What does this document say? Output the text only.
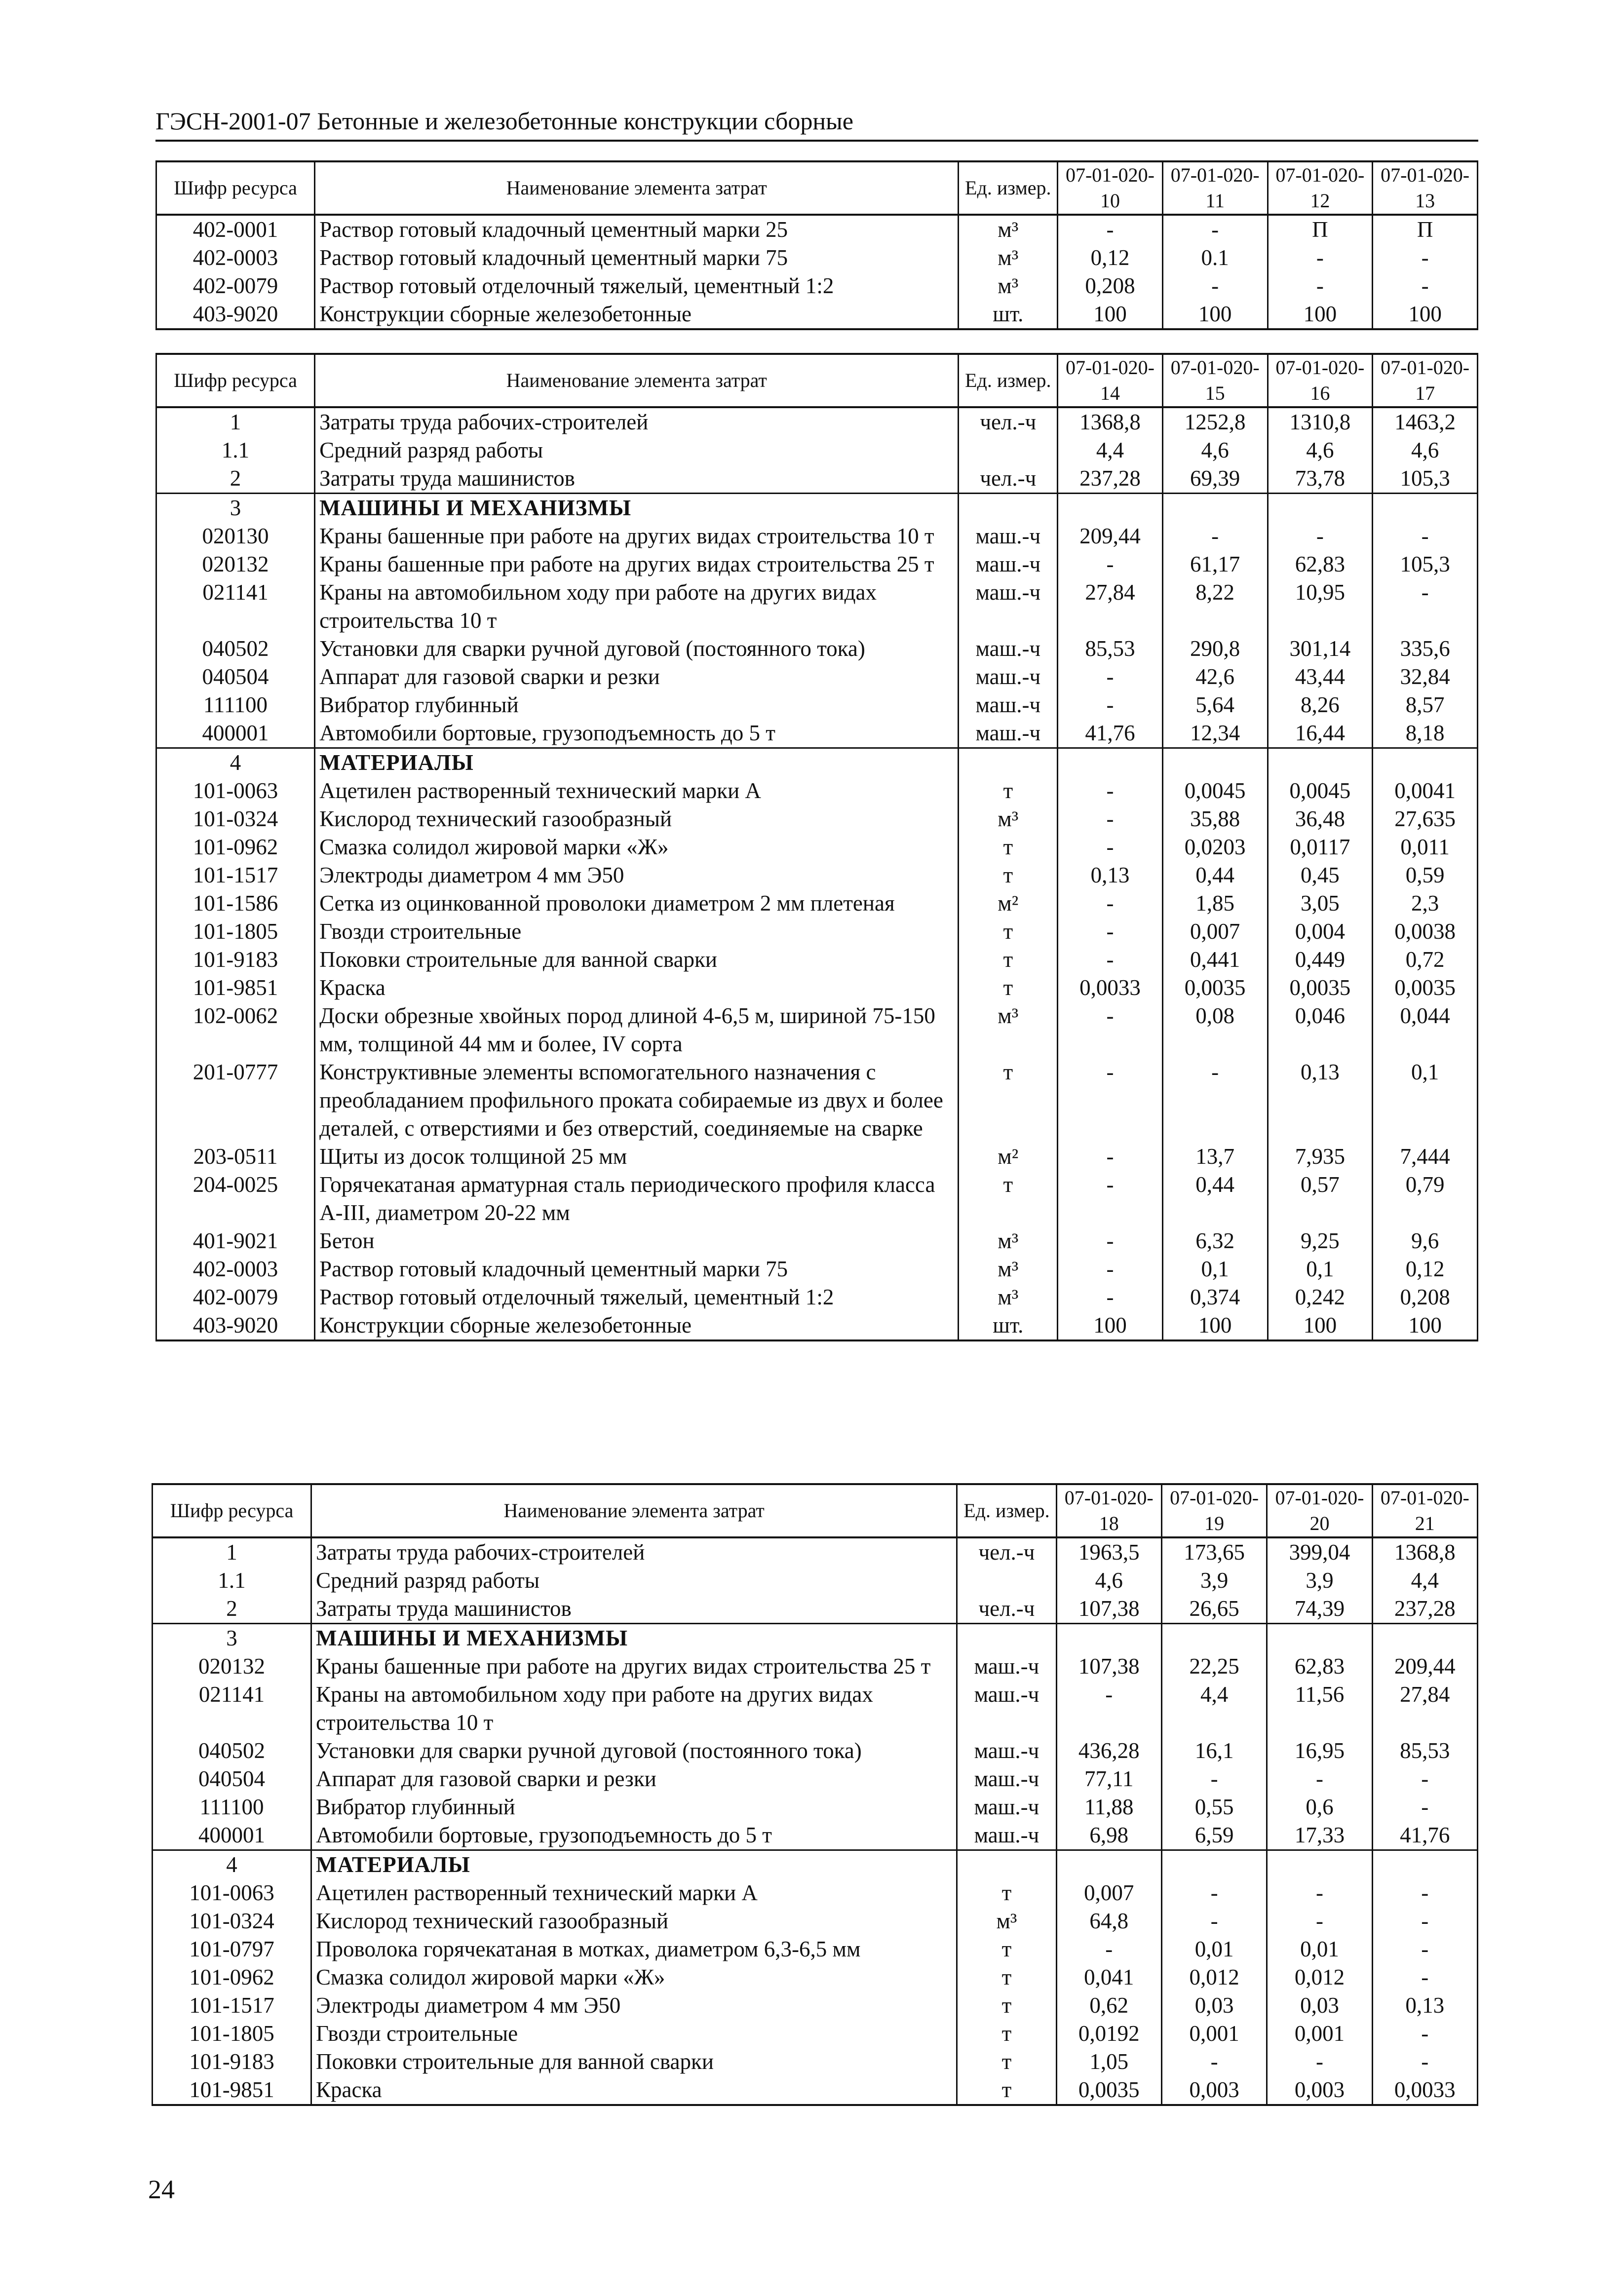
ГЭСН-2001-07 Бетонные и железобетонные конструкции сборные
Шифр ресурса	Наименование элемента затрат	Ед. измер.	07-01-020-10	07-01-020-11	07-01-020-12	07-01-020-13
402-0001	Раствор готовый кладочный цементный марки 25	м³	-	-	П	П
402-0003	Раствор готовый кладочный цементный марки 75	м³	0,12	0.1	-	-
402-0079	Раствор готовый отделочный тяжелый, цементный 1:2	м³	0,208	-	-	-
403-9020	Конструкции сборные железобетонные	шт.	100	100	100	100
Шифр ресурса	Наименование элемента затрат	Ед. измер.	07-01-020-14	07-01-020-15	07-01-020-16	07-01-020-17
1	Затраты труда рабочих-строителей	чел.-ч	1368,8	1252,8	1310,8	1463,2
1.1	Средний разряд работы		4,4	4,6	4,6	4,6
2	Затраты труда машинистов	чел.-ч	237,28	69,39	73,78	105,3
3	МАШИНЫ И МЕХАНИЗМЫ					
020130	Краны башенные при работе на других видах строительства 10 т	маш.-ч	209,44	-	-	-
020132	Краны башенные при работе на других видах строительства 25 т	маш.-ч	-	61,17	62,83	105,3
021141	Краны на автомобильном ходу при работе на других видах строительства 10 т	маш.-ч	27,84	8,22	10,95	-
040502	Установки для сварки ручной дуговой (постоянного тока)	маш.-ч	85,53	290,8	301,14	335,6
040504	Аппарат для газовой сварки и резки	маш.-ч	-	42,6	43,44	32,84
111100	Вибратор глубинный	маш.-ч	-	5,64	8,26	8,57
400001	Автомобили бортовые, грузоподъемность до 5 т	маш.-ч	41,76	12,34	16,44	8,18
4	МАТЕРИАЛЫ					
101-0063	Ацетилен растворенный технический марки А	т	-	0,0045	0,0045	0,0041
101-0324	Кислород технический газообразный	м³	-	35,88	36,48	27,635
101-0962	Смазка солидол жировой марки «Ж»	т	-	0,0203	0,0117	0,011
101-1517	Электроды диаметром 4 мм Э50	т	0,13	0,44	0,45	0,59
101-1586	Сетка из оцинкованной проволоки диаметром 2 мм плетеная	м²	-	1,85	3,05	2,3
101-1805	Гвозди строительные	т	-	0,007	0,004	0,0038
101-9183	Поковки строительные для ванной сварки	т	-	0,441	0,449	0,72
101-9851	Краска	т	0,0033	0,0035	0,0035	0,0035
102-0062	Доски обрезные хвойных пород длиной 4-6,5 м, шириной 75-150 мм, толщиной 44 мм и более, IV сорта	м³	-	0,08	0,046	0,044
201-0777	Конструктивные элементы вспомогательного назначения с преобладанием профильного проката собираемые из двух и более деталей, с отверстиями и без отверстий, соединяемые на сварке	т	-	-	0,13	0,1
203-0511	Щиты из досок толщиной 25 мм	м²	-	13,7	7,935	7,444
204-0025	Горячекатаная арматурная сталь периодического профиля класса А-III, диаметром 20-22 мм	т	-	0,44	0,57	0,79
401-9021	Бетон	м³	-	6,32	9,25	9,6
402-0003	Раствор готовый кладочный цементный марки 75	м³	-	0,1	0,1	0,12
402-0079	Раствор готовый отделочный тяжелый, цементный 1:2	м³	-	0,374	0,242	0,208
403-9020	Конструкции сборные железобетонные	шт.	100	100	100	100
Шифр ресурса	Наименование элемента затрат	Ед. измер.	07-01-020-18	07-01-020-19	07-01-020-20	07-01-020-21
1	Затраты труда рабочих-строителей	чел.-ч	1963,5	173,65	399,04	1368,8
1.1	Средний разряд работы		4,6	3,9	3,9	4,4
2	Затраты труда машинистов	чел.-ч	107,38	26,65	74,39	237,28
3	МАШИНЫ И МЕХАНИЗМЫ					
020132	Краны башенные при работе на других видах строительства 25 т	маш.-ч	107,38	22,25	62,83	209,44
021141	Краны на автомобильном ходу при работе на других видах строительства 10 т	маш.-ч	-	4,4	11,56	27,84
040502	Установки для сварки ручной дуговой (постоянного тока)	маш.-ч	436,28	16,1	16,95	85,53
040504	Аппарат для газовой сварки и резки	маш.-ч	77,11	-	-	-
111100	Вибратор глубинный	маш.-ч	11,88	0,55	0,6	-
400001	Автомобили бортовые, грузоподъемность до 5 т	маш.-ч	6,98	6,59	17,33	41,76
4	МАТЕРИАЛЫ					
101-0063	Ацетилен растворенный технический марки А	т	0,007	-	-	-
101-0324	Кислород технический газообразный	м³	64,8	-	-	-
101-0797	Проволока горячекатаная в мотках, диаметром 6,3-6,5 мм	т	-	0,01	0,01	-
101-0962	Смазка солидол жировой марки «Ж»	т	0,041	0,012	0,012	-
101-1517	Электроды диаметром 4 мм Э50	т	0,62	0,03	0,03	0,13
101-1805	Гвозди строительные	т	0,0192	0,001	0,001	-
101-9183	Поковки строительные для ванной сварки	т	1,05	-	-	-
101-9851	Краска	т	0,0035	0,003	0,003	0,0033
24
